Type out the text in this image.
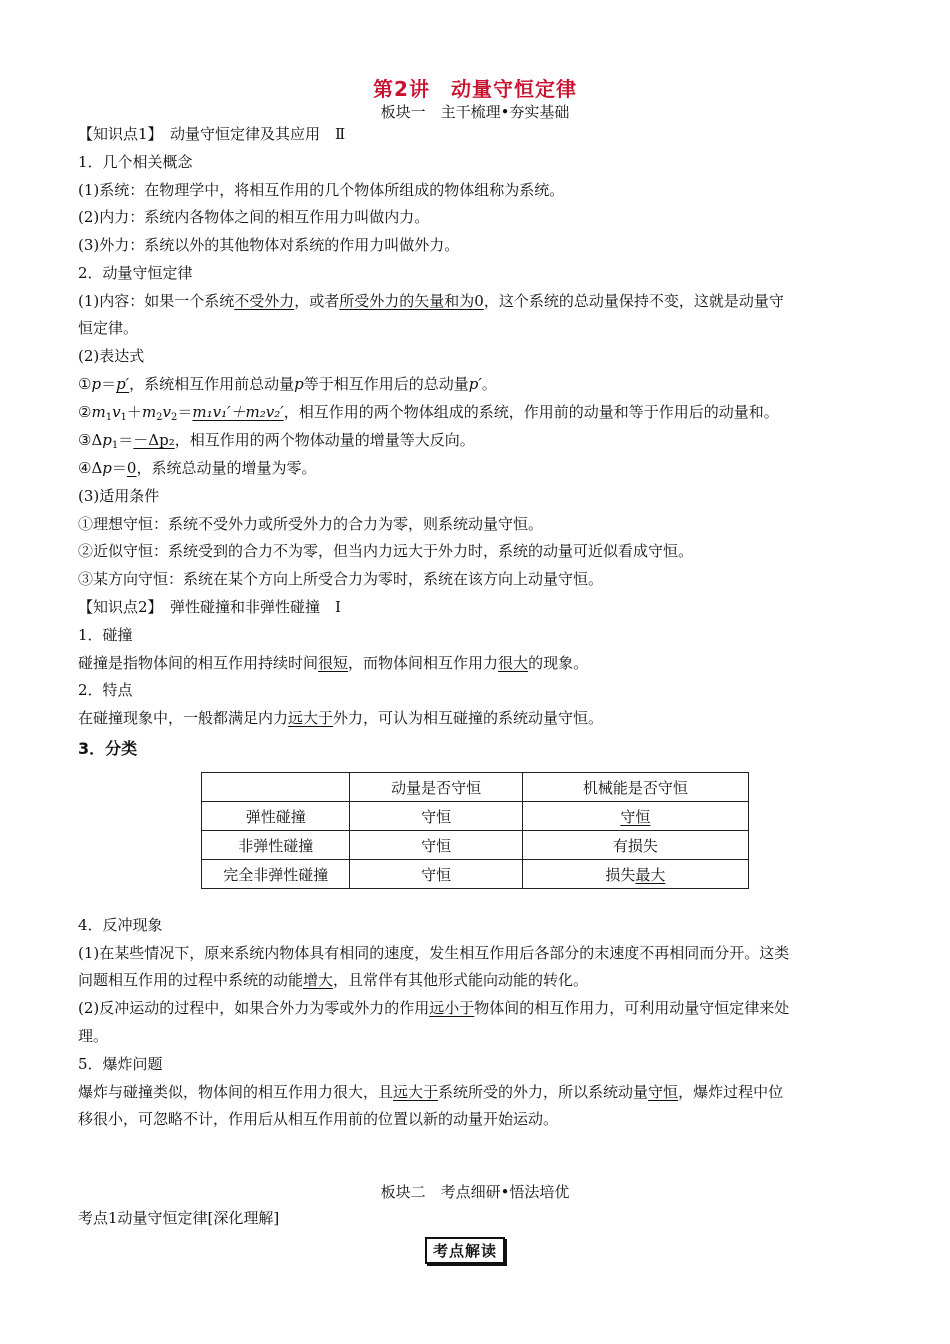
第2讲　动量守恒定律
板块一　主干梳理•夯实基础
【知识点1】　动量守恒定律及其应用　Ⅱ
1．几个相关概念
(1)系统：在物理学中，将相互作用的几个物体所组成的物体组称为系统。
(2)内力：系统内各物体之间的相互作用力叫做内力。
(3)外力：系统以外的其他物体对系统的作用力叫做外力。
2．动量守恒定律
(1)内容：如果一个系统不受外力，或者所受外力的矢量和为0，这个系统的总动量保持不变，这就是动量守
恒定律。
(2)表达式
①p＝p′，系统相互作用前总动量p等于相互作用后的总动量p′。
$②m_1v_1+m_2v_2=m_1v_1'+m_2v_2'$，相互作用的两个物体组成的系统，作用前的动量和等于作用后的动量和。
$③\Delta p_1=-\Delta p_2$，相互作用的两个物体动量的增量等大反向。
④Δp＝0，系统总动量的增量为零。
(3)适用条件
①理想守恒：系统不受外力或所受外力的合力为零，则系统动量守恒。
②近似守恒：系统受到的合力不为零，但当内力远大于外力时，系统的动量可近似看成守恒。
③某方向守恒：系统在某个方向上所受合力为零时，系统在该方向上动量守恒。
【知识点2】　弹性碰撞和非弹性碰撞　Ⅰ
1．碰撞
碰撞是指物体间的相互作用持续时间很短，而物体间相互作用力很大的现象。
2．特点
在碰撞现象中，一般都满足内力远大于外力，可认为相互碰撞的系统动量守恒。
3．分类
	动量是否守恒	机械能是否守恒
弹性碰撞	守恒	守恒
非弹性碰撞	守恒	有损失
完全非弹性碰撞	守恒	损失最大
4．反冲现象
(1)在某些情况下，原来系统内物体具有相同的速度，发生相互作用后各部分的末速度不再相同而分开。这类
问题相互作用的过程中系统的动能增大，且常伴有其他形式能向动能的转化。
(2)反冲运动的过程中，如果合外力为零或外力的作用远小于物体间的相互作用力，可利用动量守恒定律来处
理。
5．爆炸问题
爆炸与碰撞类似，物体间的相互作用力很大，且远大于系统所受的外力，所以系统动量守恒，爆炸过程中位
移很小，可忽略不计，作用后从相互作用前的位置以新的动量开始运动。
板块二　考点细研•悟法培优
考点1动量守恒定律[深化理解]
考点解读
